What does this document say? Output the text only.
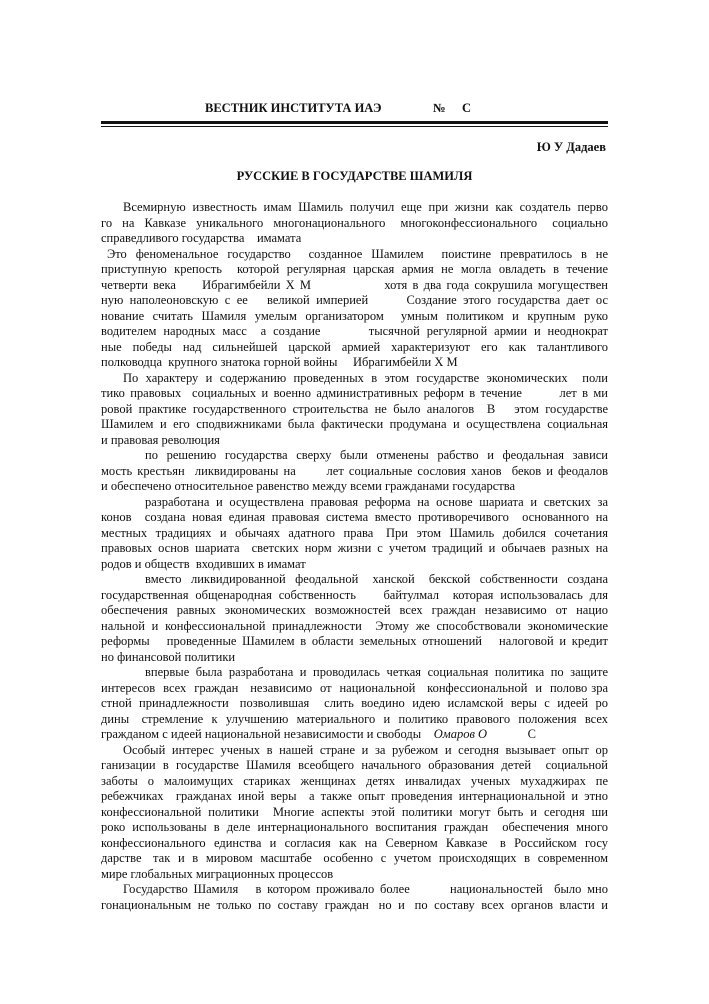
ВЕСТНИК ИНСТИТУТА ИАЭ	№ С
Ю У Дадаев
РУССКИЕ В ГОСУДАРСТВЕ ШАМИЛЯ
Всемирную известность имам Шамиль получил еще при жизни как создатель перво
го  на  Кавказе  уникального  многонационального   многоконфессионального   социально
справедливого государства    имамата
Это феноменальное государство  созданное Шамилем  поистине превратилось в не
приступную крепость  которой регулярная царская армия не могла овладеть в течение
четверти века     Ибрагимбейли Х М              хотя в два года сокрушила могуществен
ную наполеоновскую с ее   великой империей      Создание этого государства дает ос
нование считать Шамиля умелым организатором  умным политиком и крупным руко
водителем народных масс  а создание       тысячной регулярной армии и неоднократ
ные  победы  над  сильнейшей  царской  армией  характеризуют  его  как  талантливого
полководца  крупного знатока горной войны     Ибрагимбейли Х М
По характеру и содержанию проведенных в этом государстве экономических  поли
тико правовых  социальных и военно административных реформ в течение       лет в ми
ровой практике государственного строительства не было аналогов  В   этом государстве
Шамилем и его сподвижниками была фактически продумана и осуществлена социальная
и правовая революция
по  решению  государства  сверху  были  отменены  рабство  и  феодальная  зависи
мость крестьян  ликвидированы на      лет социальные сословия ханов  беков и феодалов
и обеспечено относительное равенство между всеми гражданами государства
разработана и осуществлена правовая реформа на основе шариата и светских за
конов  создана новая единая правовая система вместо противоречивого  основанного на
местных  традициях  и  обычаях  адатного  права   При  этом  Шамиль  добился  сочетания
правовых основ шариата  светских норм жизни с учетом традиций и обычаев разных на
родов и обществ  входивших в имамат
вместо  ликвидированной  феодальной   ханской   бекской  собственности  создана
государственная общенародная собственность    байтулмал  которая использовалась для
обеспечения  равных  экономических  возможностей  всех  граждан  независимо  от  нацио
нальной и конфессиональной принадлежности  Этому же способствовали экономические
реформы   проведенные Шамилем в области земельных отношений   налоговой и кредит
но финансовой политики
впервые была разработана и проводилась четкая социальная политика по защите
интересов  всех  граждан   независимо  от  национальной   конфессиональной  и  полово зра
стной  принадлежности   позволившая    слить  воедино  идею  исламской  веры  с  идеей  ро
дины   стремление  к  улучшению  материального  и  политико  правового  положения  всех
гражданом с идеей национальной независимости и свободы Омаров О	С
Особый интерес ученых в нашей стране и за рубежом и сегодня вызывает опыт ор
ганизации в государстве Шамиля всеобщего начального образования детей  социальной
заботы  о  малоимущих  стариках  женщинах  детях  инвалидах  ученых  мухаджирах  пе
ребежчиках  гражданах иной веры  а также опыт проведения интернациональной и этно
конфессиональной политики  Многие аспекты этой политики могут быть и сегодня ши
роко использованы в деле интернационального воспитания граждан  обеспечения много
конфессионального  единства  и  согласия  как  на  Северном  Кавказе   в  Российском  госу
дарстве   так  и  в  мировом  масштабе   особенно  с  учетом  происходящих  в  современном
мире глобальных миграционных процессов
Государство Шамиля   в котором проживало более       национальностей  было мно
гонациональным  не  только  по  составу  граждан   но  и   по  составу  всех  органов  власти  и
